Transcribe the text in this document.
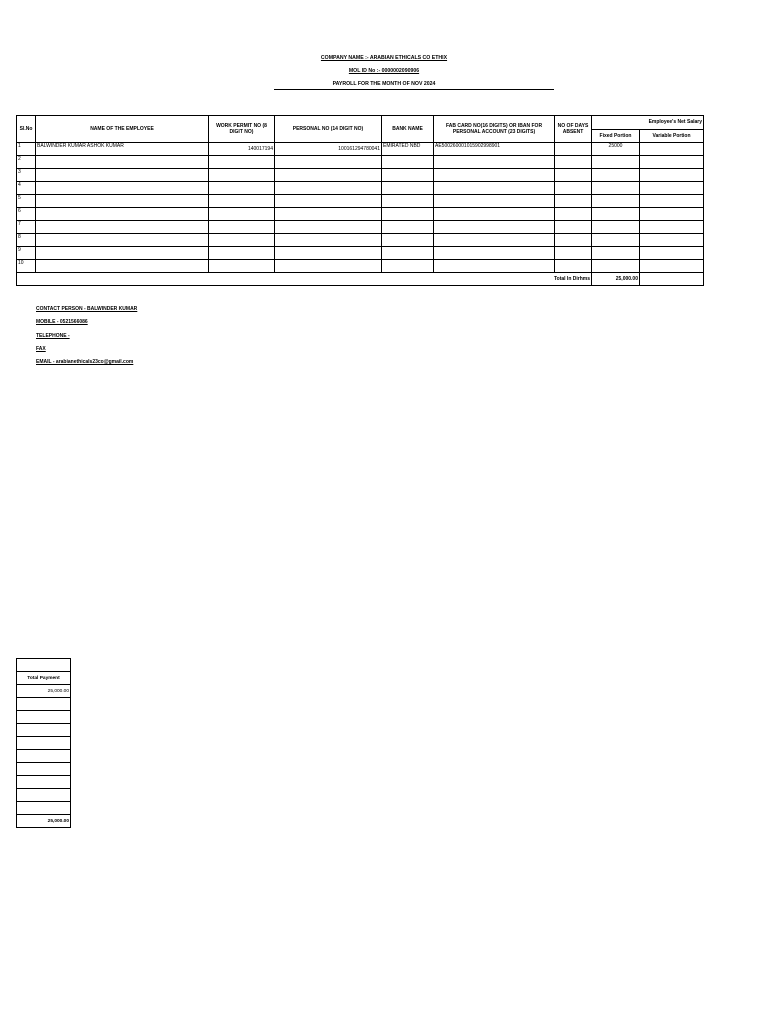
COMPANY NAME :- ARABIAN ETHICALS CO ETHIX
MOL ID No :- 0000002090906
PAYROLL FOR THE MONTH OF NOV 2024
Sl.No	NAME OF THE EMPLOYEE	WORK PERMIT NO (8 DIGIT NO)	PERSONAL NO (14 DIGIT NO)	BANK NAME	FAB CARD NO(16 DIGITS) OR IBAN FOR PERSONAL ACCOUNT (23 DIGITS)	NO OF DAYS ABSENT	Employee's Net Salary	
							Fixed Portion	Variable Portion
1	BALWINDER KUMAR ASHOK KUMAR	140017194	100161294780041	EMIRATED NBD	AE500260001015902998901		25000	
2								
3								
4								
5								
6								
7								
8								
9								
10								
Total In Dirhms							25,000.00	
CONTACT PERSON - BALWINDER KUMAR
MOBILE - 0521566086
TELEPHONE -
FAX
EMAIL - arabianethicals23co@gmail.com

Total Payment
25,000.00

25,000.00
